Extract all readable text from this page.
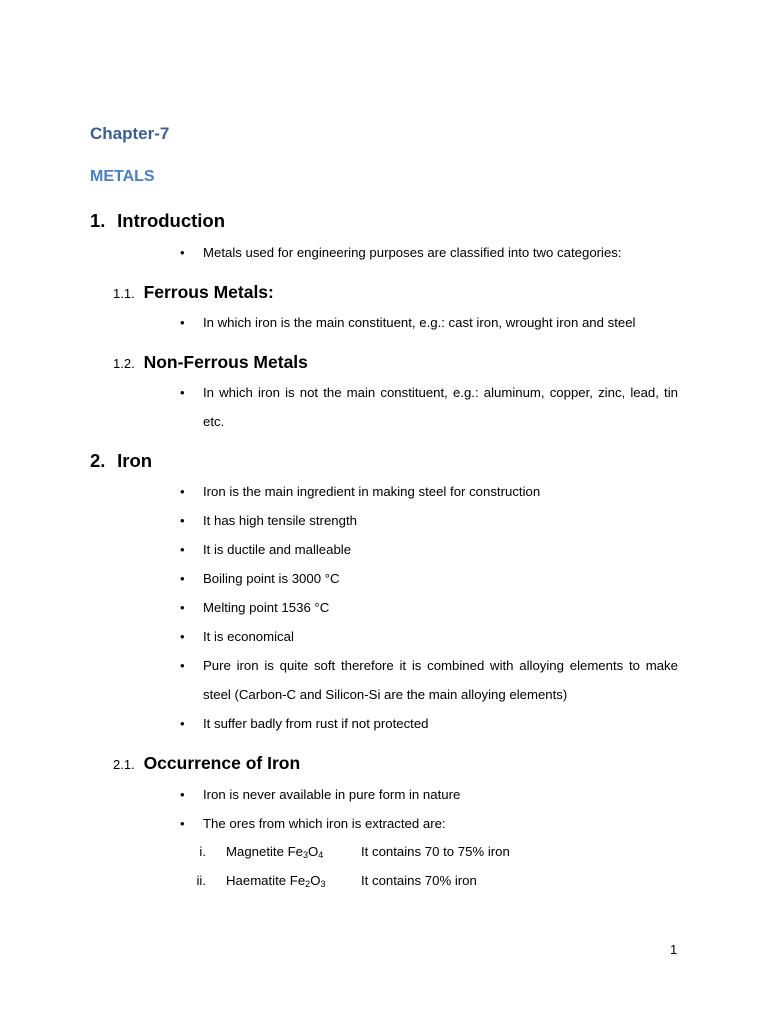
Chapter-7
METALS
1. Introduction
•	Metals used for engineering purposes are classified into two categories:
1.1. Ferrous Metals:
•	In which iron is the main constituent, e.g.: cast iron, wrought iron and steel
1.2. Non-Ferrous Metals
•	In which iron is not the main constituent, e.g.: aluminum, copper, zinc, lead, tin etc.
2. Iron
•	Iron is the main ingredient in making steel for construction
•	It has high tensile strength
•	It is ductile and malleable
•	Boiling point is 3000 °C
•	Melting point 1536 °C
•	It is economical
•	Pure iron is quite soft therefore it is combined with alloying elements to make steel (Carbon-C and Silicon-Si are the main alloying elements)
•	It suffer badly from rust if not protected
2.1. Occurrence of Iron
•	Iron is never available in pure form in nature
•	The ores from which iron is extracted are:
i. Magnetite $Fe_3O_4$	It contains 70 to 75% iron
ii. Haematite $Fe_2O_3$	It contains 70% iron
1
